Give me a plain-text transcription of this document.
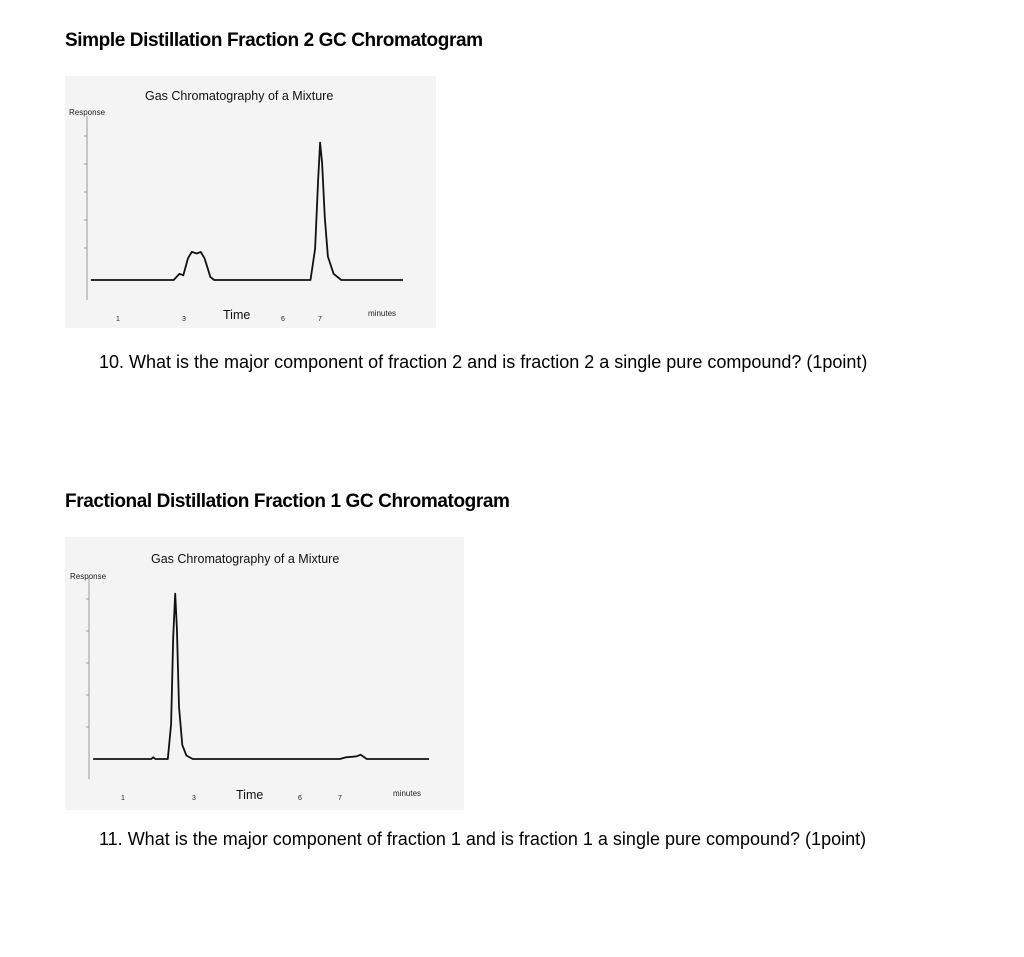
Simple Distillation Fraction 2 GC Chromatogram
Gas Chromatography of a Mixture
Response
Time	minutes
1	3	6	7
10. What is the major component of fraction 2 and is fraction 2 a single pure compound? (1point)
Fractional Distillation Fraction 1 GC Chromatogram
Gas Chromatography of a Mixture
Response
Time	minutes
1	3	6	7
11. What is the major component of fraction 1 and is fraction 1 a single pure compound? (1point)
